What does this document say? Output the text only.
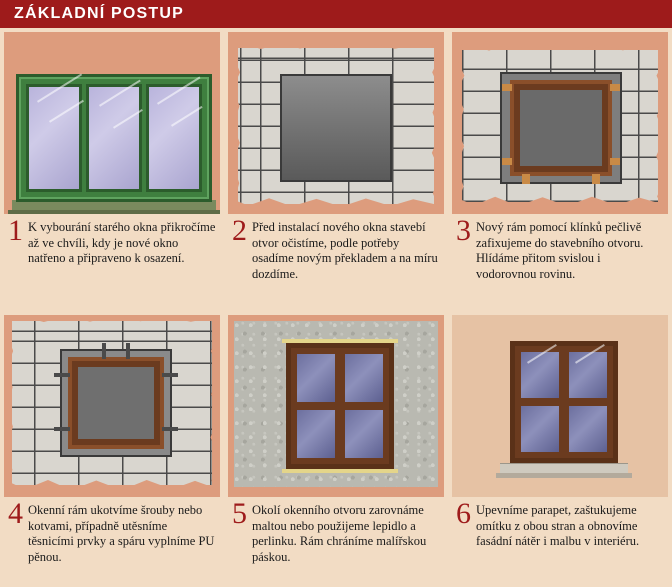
ZÁKLADNÍ POSTUP
1 K vybourání starého okna přikročíme až ve chvíli, kdy je nové okno natřeno a připraveno k osazení.
2 Před instalací nového okna stavebí otvor očistíme, podle potřeby osadíme novým překladem a na míru dozdíme.
3 Nový rám pomocí klínků pečlivě zafixujeme do stavebního otvoru. Hlídáme přitom svislou i vodorovnou rovinu.
4 Okenní rám ukotvíme šrouby nebo kotvami, případně utěsníme těsnicími prvky a spáru vyplníme PU pěnou.
5 Okolí okenního otvoru zarovnáme maltou nebo použijeme lepidlo a perlinku. Rám chráníme malířskou páskou.
6 Upevníme parapet, zaštukujeme omítku z obou stran a obnovíme fasádní nátěr i malbu v interiéru.
